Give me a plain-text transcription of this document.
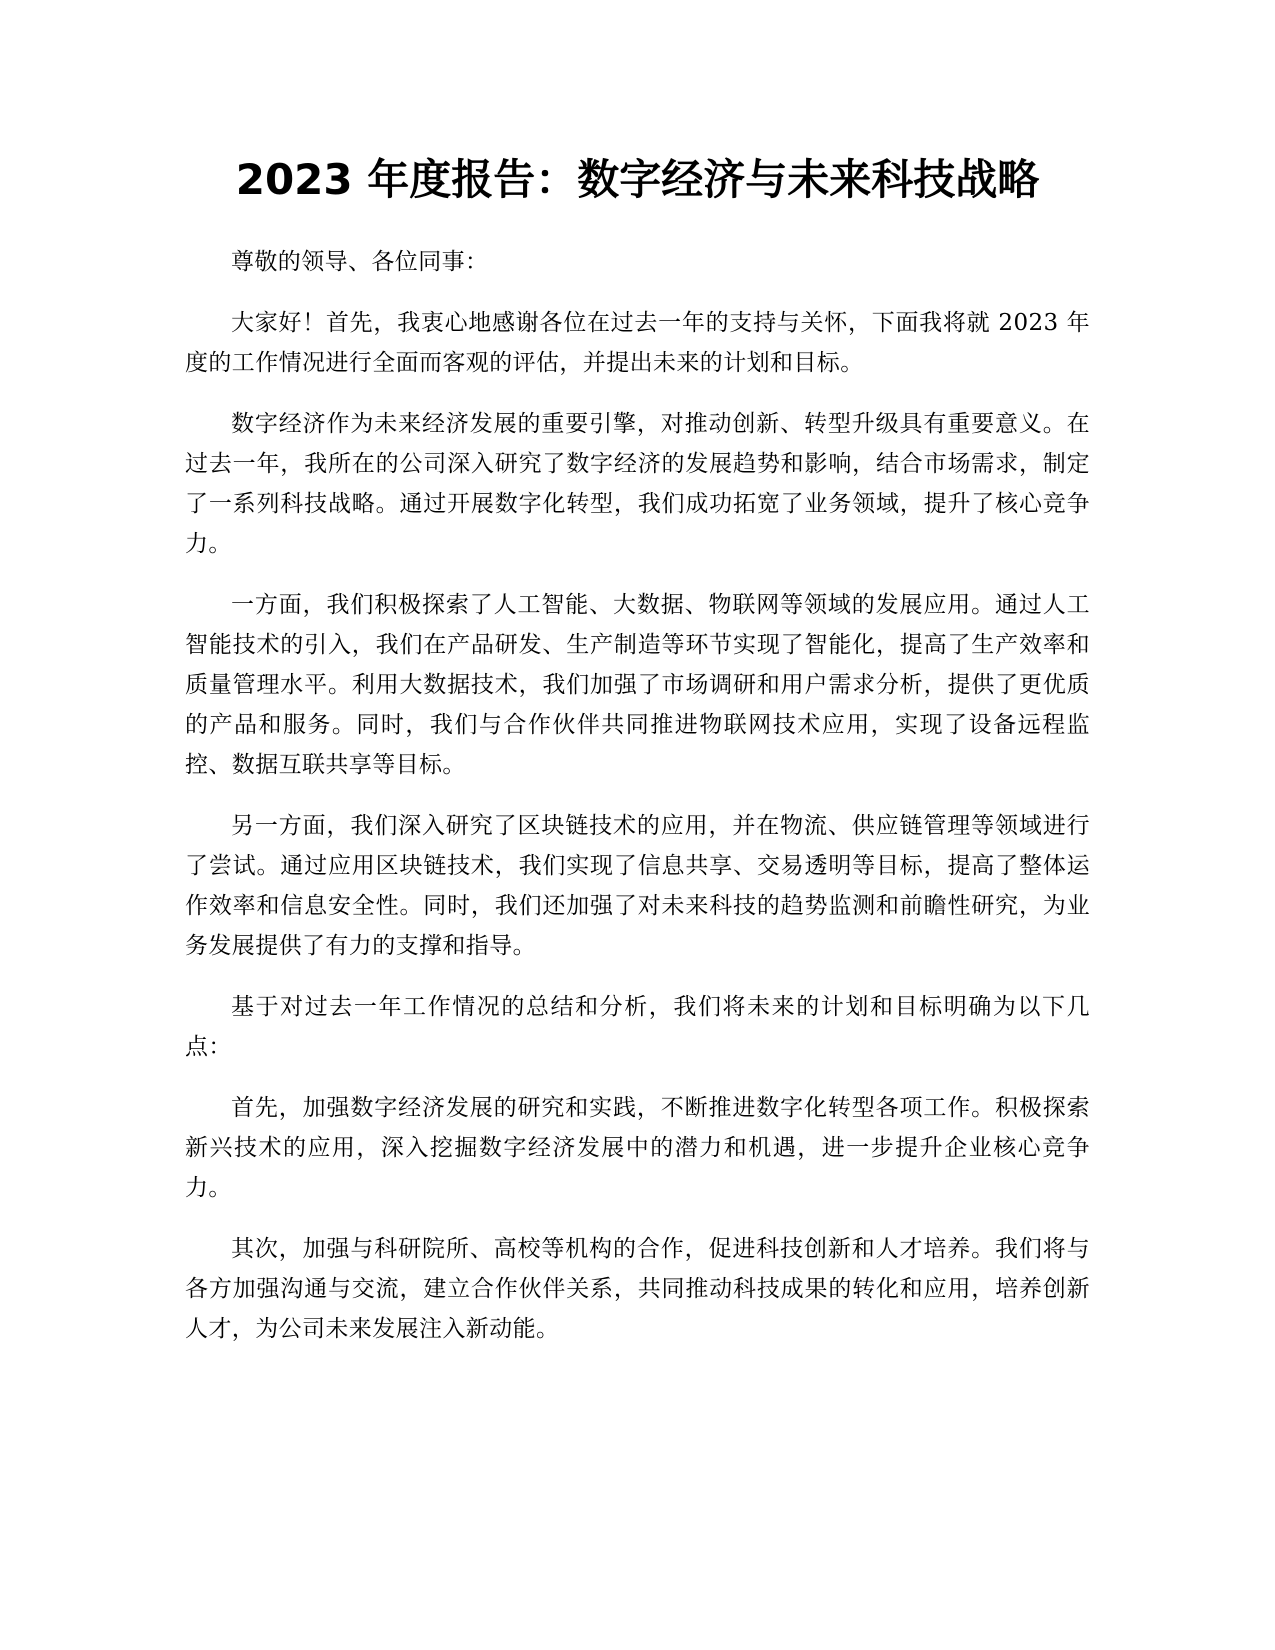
2023 年度报告：数字经济与未来科技战略

尊敬的领导、各位同事：

大家好！首先，我衷心地感谢各位在过去一年的支持与关怀，下面我将就 2023 年度的工作情况进行全面而客观的评估，并提出未来的计划和目标。

数字经济作为未来经济发展的重要引擎，对推动创新、转型升级具有重要意义。在过去一年，我所在的公司深入研究了数字经济的发展趋势和影响，结合市场需求，制定了一系列科技战略。通过开展数字化转型，我们成功拓宽了业务领域，提升了核心竞争力。

一方面，我们积极探索了人工智能、大数据、物联网等领域的发展应用。通过人工智能技术的引入，我们在产品研发、生产制造等环节实现了智能化，提高了生产效率和质量管理水平。利用大数据技术，我们加强了市场调研和用户需求分析，提供了更优质的产品和服务。同时，我们与合作伙伴共同推进物联网技术应用，实现了设备远程监控、数据互联共享等目标。

另一方面，我们深入研究了区块链技术的应用，并在物流、供应链管理等领域进行了尝试。通过应用区块链技术，我们实现了信息共享、交易透明等目标，提高了整体运作效率和信息安全性。同时，我们还加强了对未来科技的趋势监测和前瞻性研究，为业务发展提供了有力的支撑和指导。

基于对过去一年工作情况的总结和分析，我们将未来的计划和目标明确为以下几点：

首先，加强数字经济发展的研究和实践，不断推进数字化转型各项工作。积极探索新兴技术的应用，深入挖掘数字经济发展中的潜力和机遇，进一步提升企业核心竞争力。

其次，加强与科研院所、高校等机构的合作，促进科技创新和人才培养。我们将与各方加强沟通与交流，建立合作伙伴关系，共同推动科技成果的转化和应用，培养创新人才，为公司未来发展注入新动能。
